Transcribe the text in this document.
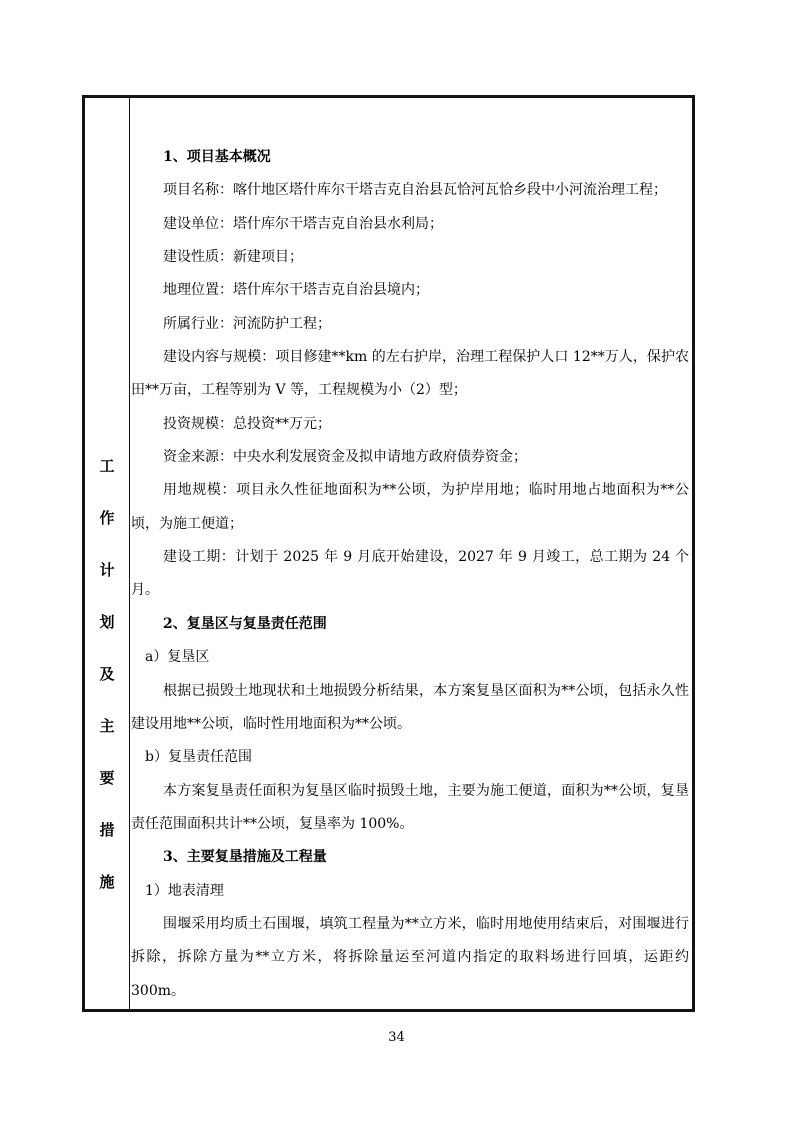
工
作
计
划
及
主
要
措
施

1、项目基本概况

项目名称：喀什地区塔什库尔干塔吉克自治县瓦恰河瓦恰乡段中小河流治理工程；

建设单位：塔什库尔干塔吉克自治县水利局；

建设性质：新建项目；

地理位置：塔什库尔干塔吉克自治县境内；

所属行业：河流防护工程；

建设内容与规模：项目修建**km 的左右护岸，治理工程保护人口 12**万人，保护农田**万亩，工程等别为 V 等，工程规模为小（2）型；

投资规模：总投资**万元；

资金来源：中央水利发展资金及拟申请地方政府债券资金；

用地规模：项目永久性征地面积为**公顷，为护岸用地；临时用地占地面积为**公顷，为施工便道；

建设工期：计划于 2025 年 9 月底开始建设，2027 年 9 月竣工，总工期为 24 个月。

2、复垦区与复垦责任范围

a）复垦区

根据已损毁土地现状和土地损毁分析结果，本方案复垦区面积为**公顷，包括永久性建设用地**公顷，临时性用地面积为**公顷。

b）复垦责任范围

本方案复垦责任面积为复垦区临时损毁土地，主要为施工便道，面积为**公顷，复垦责任范围面积共计**公顷，复垦率为 100%。

3、主要复垦措施及工程量

1）地表清理

围堰采用均质土石围堰，填筑工程量为**立方米，临时用地使用结束后，对围堰进行拆除，拆除方量为**立方米，将拆除量运至河道内指定的取料场进行回填，运距约 300m。

34
